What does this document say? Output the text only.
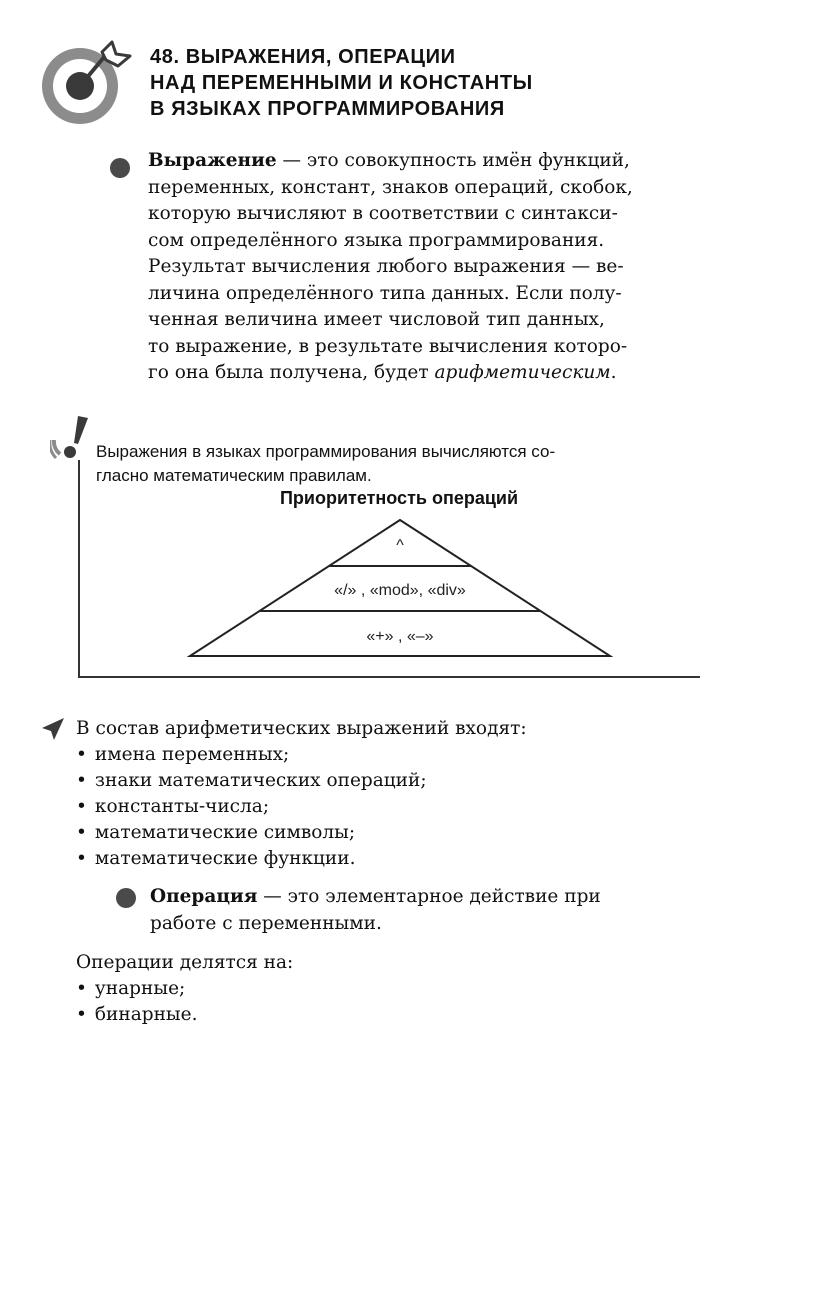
48. ВЫРАЖЕНИЯ, ОПЕРАЦИИ
НАД ПЕРЕМЕННЫМИ И КОНСТАНТЫ
В ЯЗЫКАХ ПРОГРАММИРОВАНИЯ
Выражение — это совокупность имён функций,
переменных, констант, знаков операций, скобок,
которую вычисляют в соответствии с синтакси-
сом определённого языка программирования.
Результат вычисления любого выражения — ве-
личина определённого типа данных. Если полу-
ченная величина имеет числовой тип данных,
то выражение, в результате вычисления которо-
го она была получена, будет арифметическим.
Выражения в языках программирования вычисляются со-
гласно математическим правилам.
Приоритетность операций
^
«/» , «mod», «div»
«+» , «–»
В состав арифметических выражений входят:
• имена переменных;
• знаки математических операций;
• константы-числа;
• математические символы;
• математические функции.
Операция — это элементарное действие при
работе с переменными.
Операции делятся на:
• унарные;
• бинарные.
